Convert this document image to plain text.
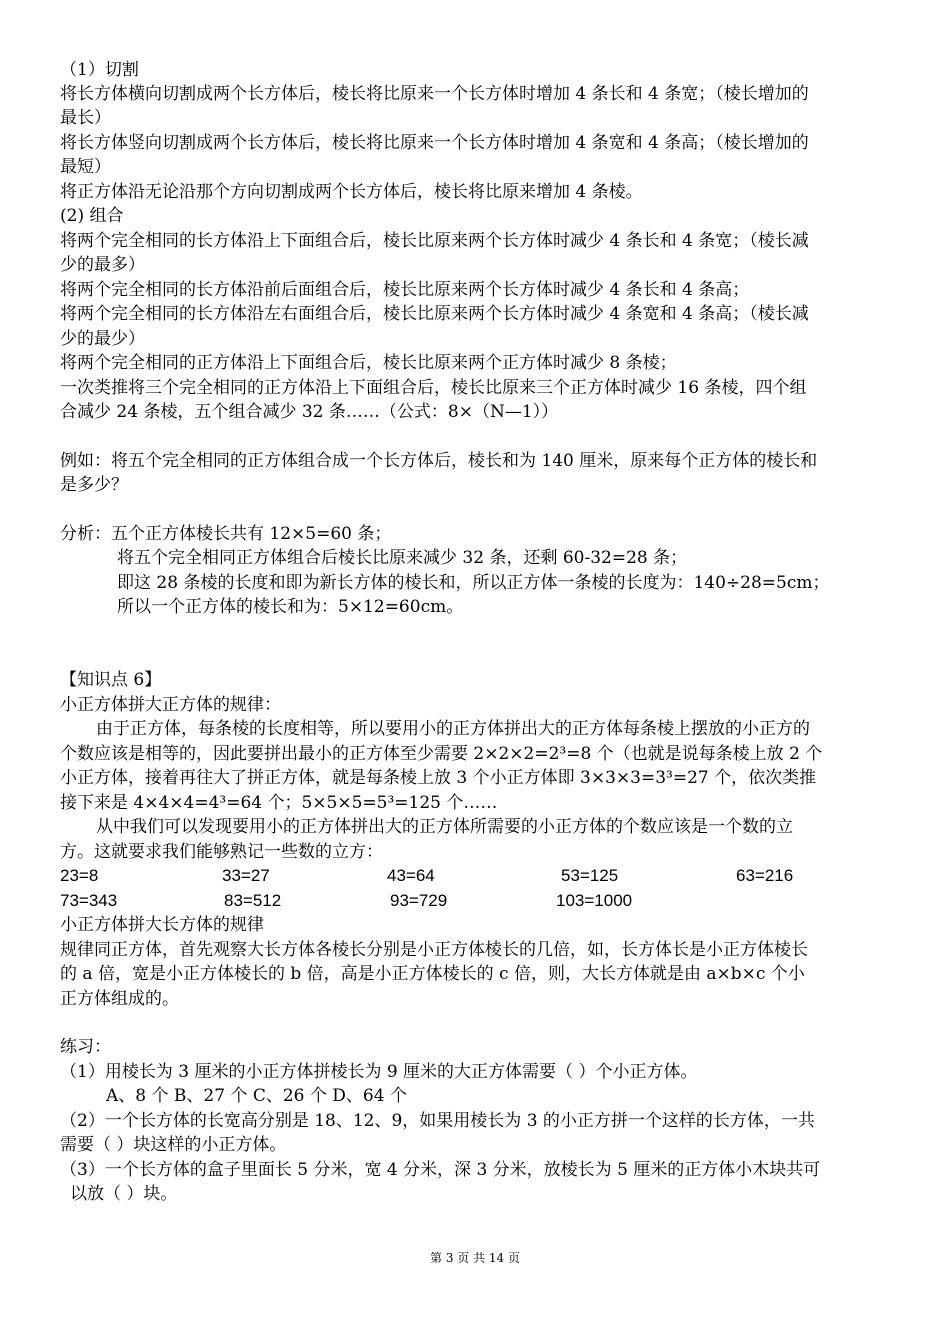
（1）切割
将长方体横向切割成两个长方体后，棱长将比原来一个长方体时增加 4 条长和 4 条宽；（棱长增加的
最长）
将长方体竖向切割成两个长方体后，棱长将比原来一个长方体时增加 4 条宽和 4 条高；（棱长增加的
最短）
将正方体沿无论沿那个方向切割成两个长方体后，棱长将比原来增加 4 条棱。
(2) 组合
将两个完全相同的长方体沿上下面组合后，棱长比原来两个长方体时减少 4 条长和 4 条宽；（棱长减
少的最多）
将两个完全相同的长方体沿前后面组合后，棱长比原来两个长方体时减少 4 条长和 4 条高；
将两个完全相同的长方体沿左右面组合后，棱长比原来两个长方体时减少 4 条宽和 4 条高；（棱长减
少的最少）
将两个完全相同的正方体沿上下面组合后，棱长比原来两个正方体时减少 8 条棱；
一次类推将三个完全相同的正方体沿上下面组合后，棱长比原来三个正方体时减少 16 条棱，四个组
合减少 24 条棱，五个组合减少 32 条……（公式：8×（N—1））
例如：将五个完全相同的正方体组合成一个长方体后，棱长和为 140 厘米，原来每个正方体的棱长和
是多少？
分析：五个正方体棱长共有 12×5=60 条；
将五个完全相同正方体组合后棱长比原来减少 32 条，还剩 60-32=28 条；
即这 28 条棱的长度和即为新长方体的棱长和，所以正方体一条棱的长度为：140÷28=5cm；
所以一个正方体的棱长和为：5×12=60cm。
【知识点 6】
小正方体拼大正方体的规律：
由于正方体，每条棱的长度相等，所以要用小的正方体拼出大的正方体每条棱上摆放的小正方的
个数应该是相等的，因此要拼出最小的正方体至少需要 2×2×2=2³=8 个（也就是说每条棱上放 2 个
小正方体，接着再往大了拼正方体，就是每条棱上放 3 个小正方体即 3×3×3=3³=27 个，依次类推
接下来是 4×4×4=4³=64 个；5×5×5=5³=125 个……
从中我们可以发现要用小的正方体拼出大的正方体所需要的小正方体的个数应该是一个数的立
方。这就要求我们能够熟记一些数的立方：
23=8	33=27	43=64	53=125	63=216
73=343	83=512	93=729	103=1000
小正方体拼大长方体的规律
规律同正方体，首先观察大长方体各棱长分别是小正方体棱长的几倍，如，长方体长是小正方体棱长
的 a 倍，宽是小正方体棱长的 b 倍，高是小正方体棱长的 c 倍，则，大长方体就是由 a×b×c 个小
正方体组成的。
练习：
（1）用棱长为 3 厘米的小正方体拼棱长为 9 厘米的大正方体需要（ ）个小正方体。
A、8 个 B、27 个 C、26 个 D、64 个
（2）一个长方体的长宽高分别是 18、12、9，如果用棱长为 3 的小正方拼一个这样的长方体，一共
需要（ ）块这样的小正方体。
（3）一个长方体的盒子里面长 5 分米，宽 4 分米，深 3 分米，放棱长为 5 厘米的正方体小木块共可
以放（ ）块。
第 3 页 共 14 页
